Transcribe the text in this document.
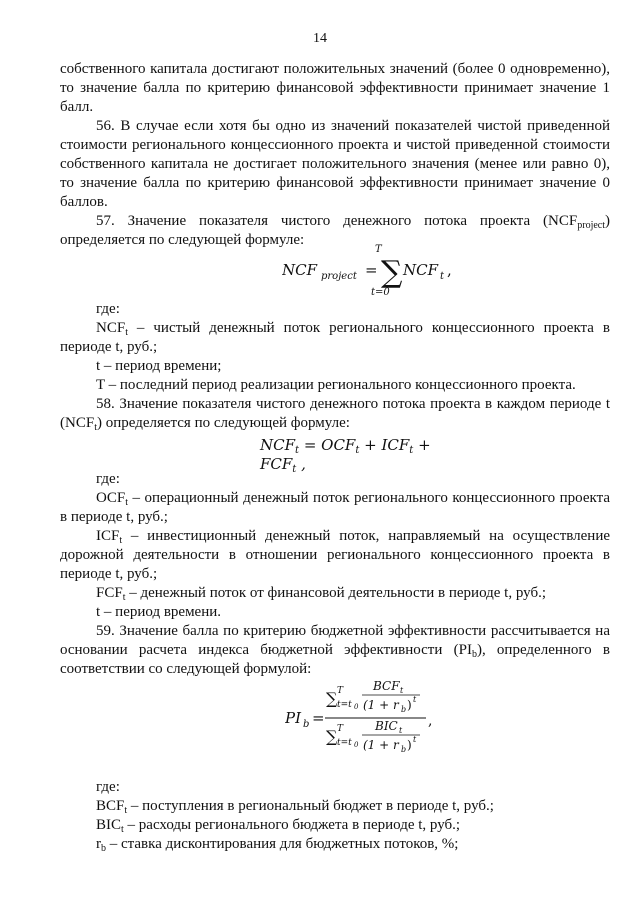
14

собственного капитала достигают положительных значений (более 0 одновременно), то значение балла по критерию финансовой эффективности принимает значение 1 балл.

56. В случае если хотя бы одно из значений показателей чистой приведенной стоимости регионального концессионного проекта и чистой приведенной стоимости собственного капитала не достигает положительного значения (менее или равно 0), то значение балла по критерию финансовой эффективности принимает значение 0 баллов.

57. Значение показателя чистого денежного потока проекта $(NCF_{project})$ определяется по следующей формуле:

NCF project =
T
∑
t=0
NCF t ,

где:

$NCF_t$ – чистый денежный поток регионального концессионного проекта в периоде t, руб.;

t – период времени;

T – последний период реализации регионального концессионного проекта.

58. Значение показателя чистого денежного потока проекта в каждом периоде t $(NCF_t)$ определяется по следующей формуле:

$NCF_t = OCF_t + ICF_t + FCF_t$ ,

где:

$OCF_t$ – операционный денежный поток регионального концессионного проекта в периоде t, руб.;

$ICF_t$ – инвестиционный денежный поток, направляемый на осуществление дорожной деятельности в отношении регионального концессионного проекта в периоде t, руб.;

$FCF_t$ – денежный поток от финансовой деятельности в периоде t, руб.;

t – период времени.

59. Значение балла по критерию бюджетной эффективности рассчитывается на основании расчета индекса бюджетной эффективности $(PI_b)$, определенного в соответствии со следующей формулой:

PI b =
∑ T
t=t 0
BCF t
(1 + r b ) t
∑ T
t=t 0
BIC t
(1 + r b ) t
,

где:

$BCF_t$ – поступления в региональный бюджет в периоде t, руб.;

$BIC_t$ – расходы регионального бюджета в периоде t, руб.;

$r_b$ – ставка дисконтирования для бюджетных потоков, %;
